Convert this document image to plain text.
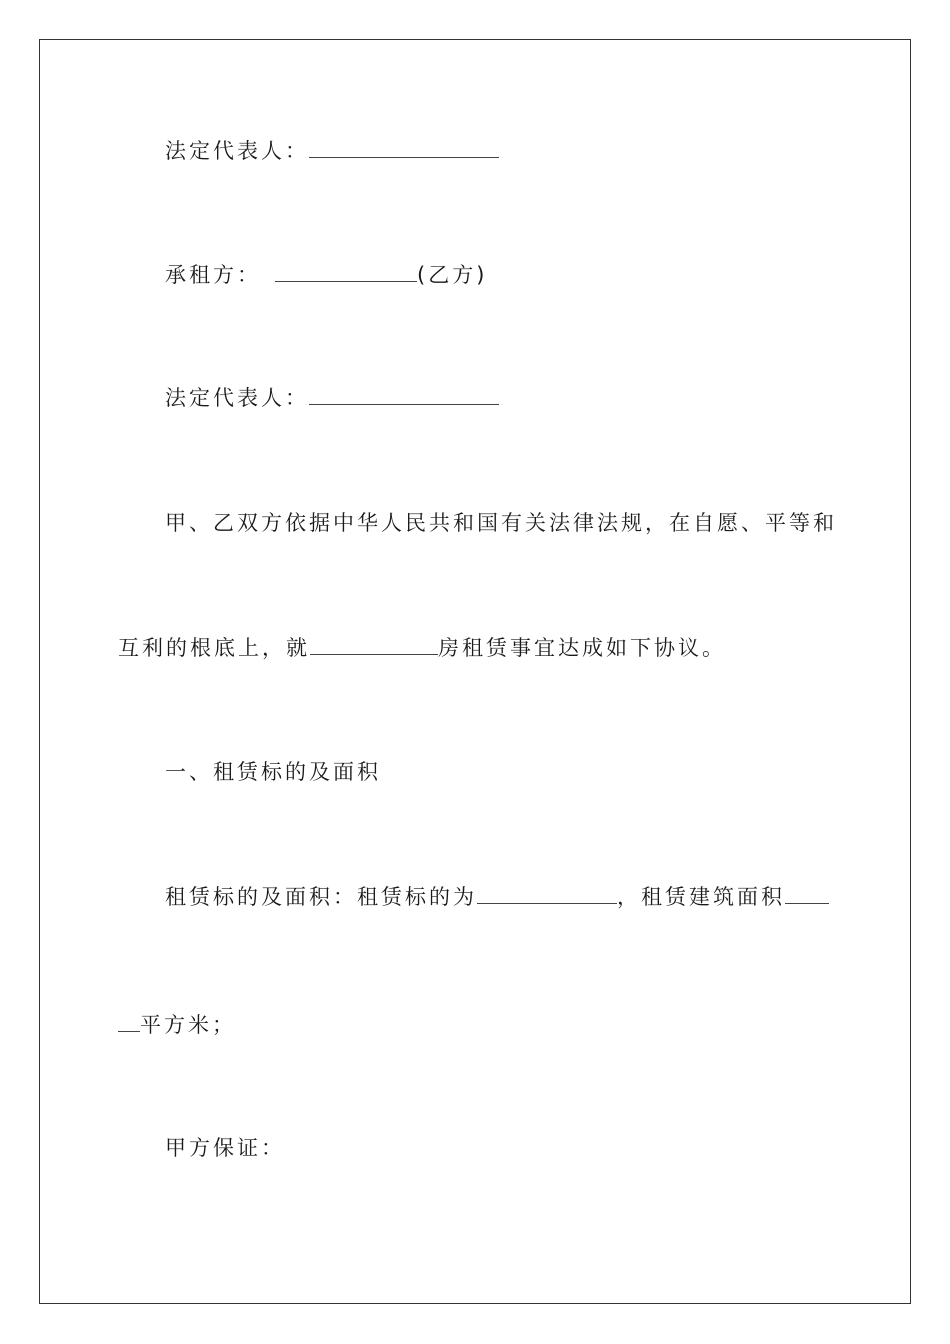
法定代表人：
承租方：	(乙方)
法定代表人：
甲、乙双方依据中华人民共和国有关法律法规，在自愿、平等和
互利的根底上，就	房租赁事宜达成如下协议。
一、租赁标的及面积
租赁标的及面积：租赁标的为	，租赁建筑面积
平方米；
甲方保证：
